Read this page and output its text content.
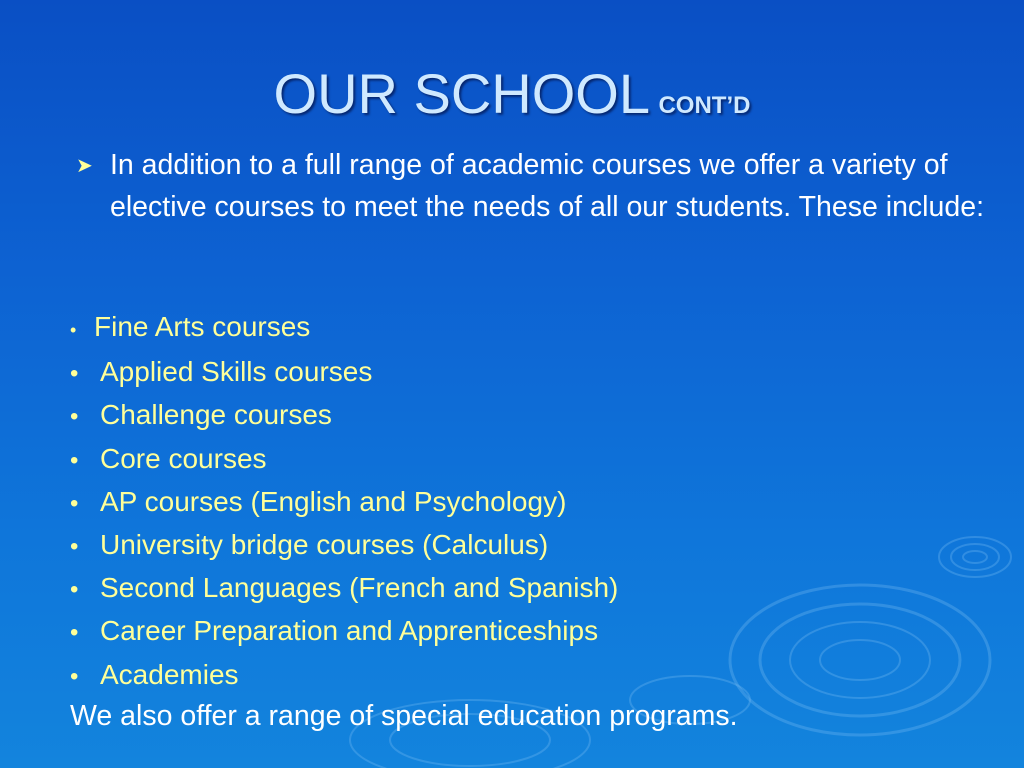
OUR SCHOOL CONT’D
➤ In addition to a full range of academic courses we offer a variety of elective courses to meet the needs of all our students. These include:
• Fine Arts courses
• Applied Skills courses
• Challenge courses
• Core courses
• AP courses (English and Psychology)
• University bridge courses (Calculus)
• Second Languages (French and Spanish)
• Career Preparation and Apprenticeships
• Academies
We also offer a range of special education programs.
